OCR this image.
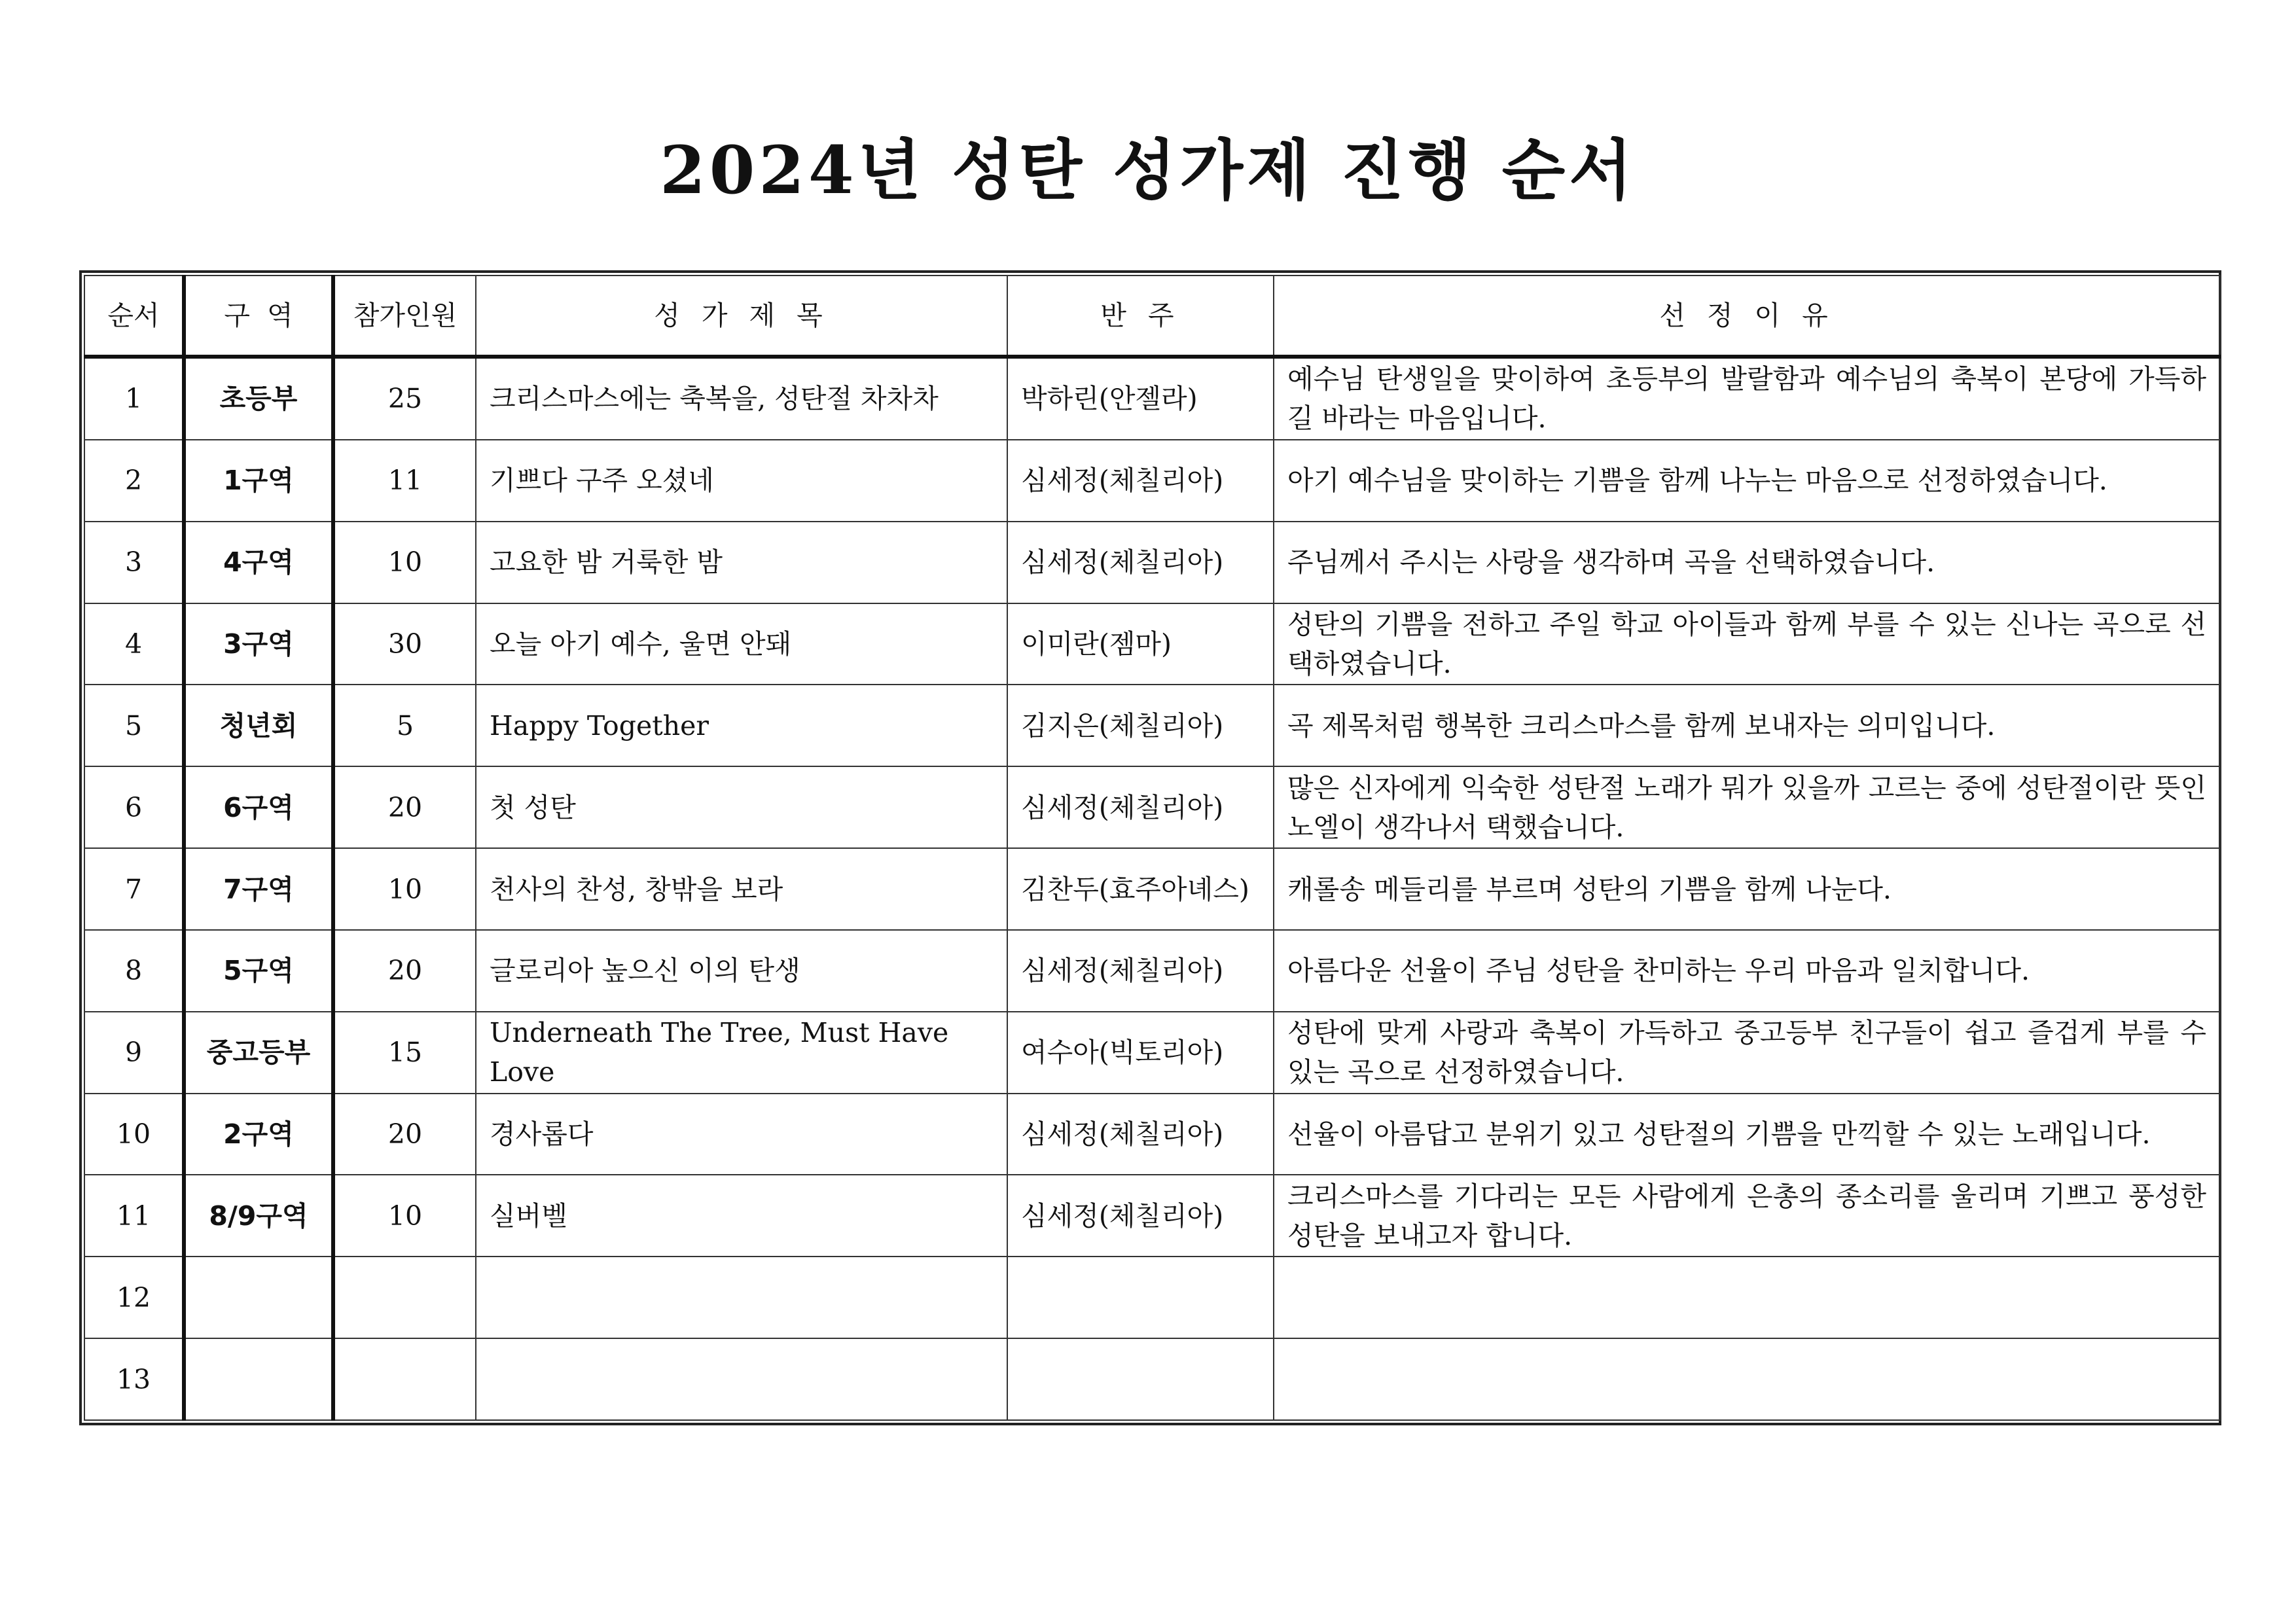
2024년 성탄 성가제 진행 순서
순서	구  역	참가인원	성 가 제 목	반 주	선 정 이 유
1	초등부	25	크리스마스에는 축복을, 성탄절 차차차	박하린(안젤라)	예수님 탄생일을 맞이하여 초등부의 발랄함과 예수님의 축복이 본당에 가득하길 바라는 마음입니다.
2	1구역	11	기쁘다 구주 오셨네	심세정(체칠리아)	아기 예수님을 맞이하는 기쁨을 함께 나누는 마음으로 선정하였습니다.
3	4구역	10	고요한 밤 거룩한 밤	심세정(체칠리아)	주님께서 주시는 사랑을 생각하며 곡을 선택하였습니다.
4	3구역	30	오늘 아기 예수, 울면 안돼	이미란(젬마)	성탄의 기쁨을 전하고 주일 학교 아이들과 함께 부를 수 있는 신나는 곡으로 선택하였습니다.
5	청년회	5	Happy Together	김지은(체칠리아)	곡 제목처럼 행복한 크리스마스를 함께 보내자는 의미입니다.
6	6구역	20	첫 성탄	심세정(체칠리아)	많은 신자에게 익숙한 성탄절 노래가 뭐가 있을까 고르는 중에 성탄절이란 뜻인 노엘이 생각나서 택했습니다.
7	7구역	10	천사의 찬성, 창밖을 보라	김찬두(효주아녜스)	캐롤송 메들리를 부르며 성탄의 기쁨을 함께 나눈다.
8	5구역	20	글로리아 높으신 이의 탄생	심세정(체칠리아)	아름다운 선율이 주님 성탄을 찬미하는 우리 마음과 일치합니다.
9	중고등부	15	Underneath The Tree, Must Have Love	여수아(빅토리아)	성탄에 맞게 사랑과 축복이 가득하고 중고등부 친구들이 쉽고 즐겁게 부를 수 있는 곡으로 선정하였습니다.
10	2구역	20	경사롭다	심세정(체칠리아)	선율이 아름답고 분위기 있고 성탄절의 기쁨을 만끽할 수 있는 노래입니다.
11	8/9구역	10	실버벨	심세정(체칠리아)	크리스마스를 기다리는 모든 사람에게 은총의 종소리를 울리며 기쁘고 풍성한 성탄을 보내고자 합니다.
12					
13					
